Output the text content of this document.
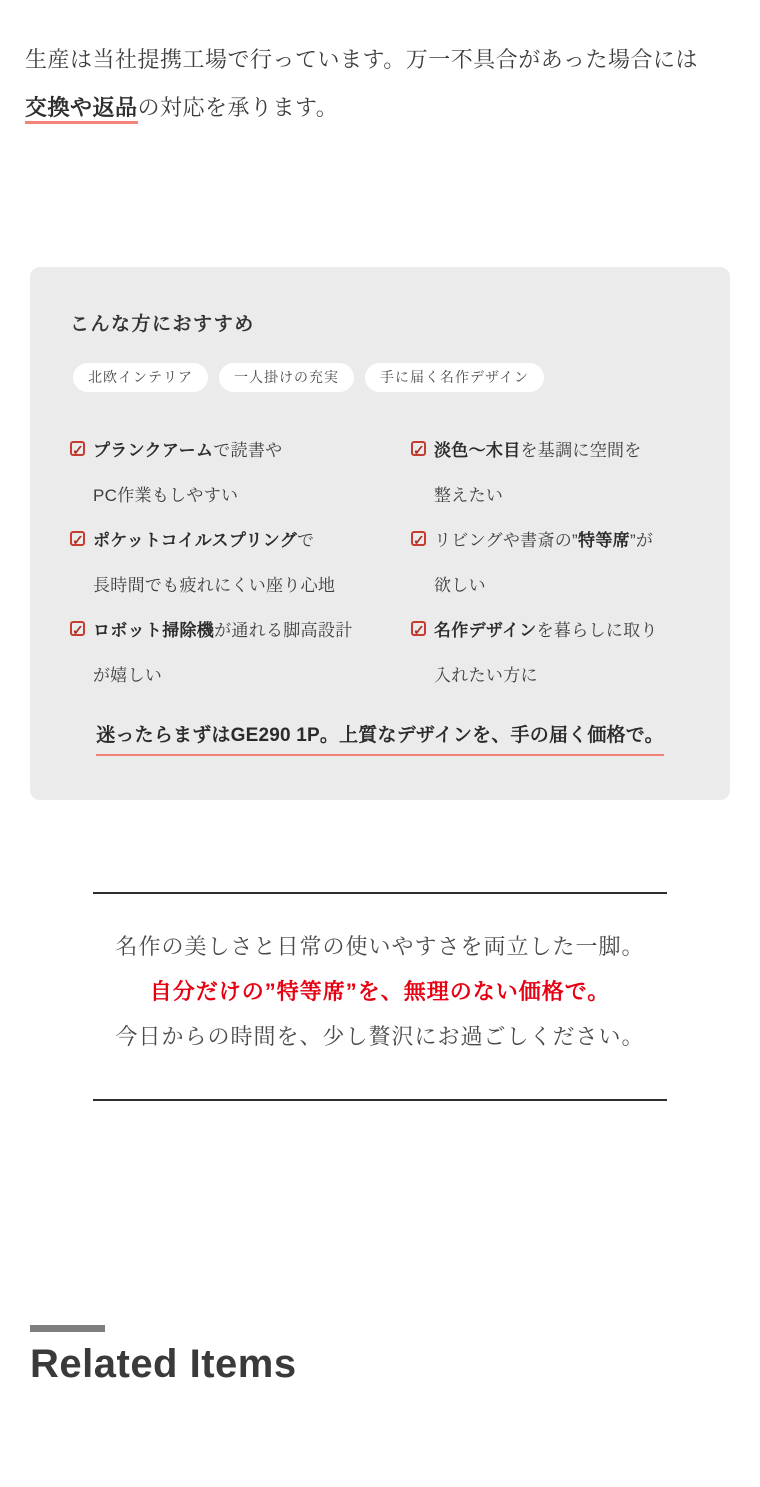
生産は当社提携工場で行っています。万一不具合があった場合には
交換や返品の対応を承ります。

こんな方におすすめ
北欧インテリア	一人掛けの充実	手に届く名作デザイン
✓ プランクアームで読書や
PC作業もしやすい
✓ 淡色〜木目を基調に空間を
整えたい
✓ ポケットコイルスプリングで
長時間でも疲れにくい座り心地
✓ リビングや書斎の”特等席”が
欲しい
✓ ロボット掃除機が通れる脚高設計
が嬉しい
✓ 名作デザインを暮らしに取り
入れたい方に

迷ったらまずはGE290 1P。上質なデザインを、手の届く価格で。

名作の美しさと日常の使いやすさを両立した一脚。

自分だけの”特等席”を、無理のない価格で。

今日からの時間を、少し贅沢にお過ごしください。

Related Items
